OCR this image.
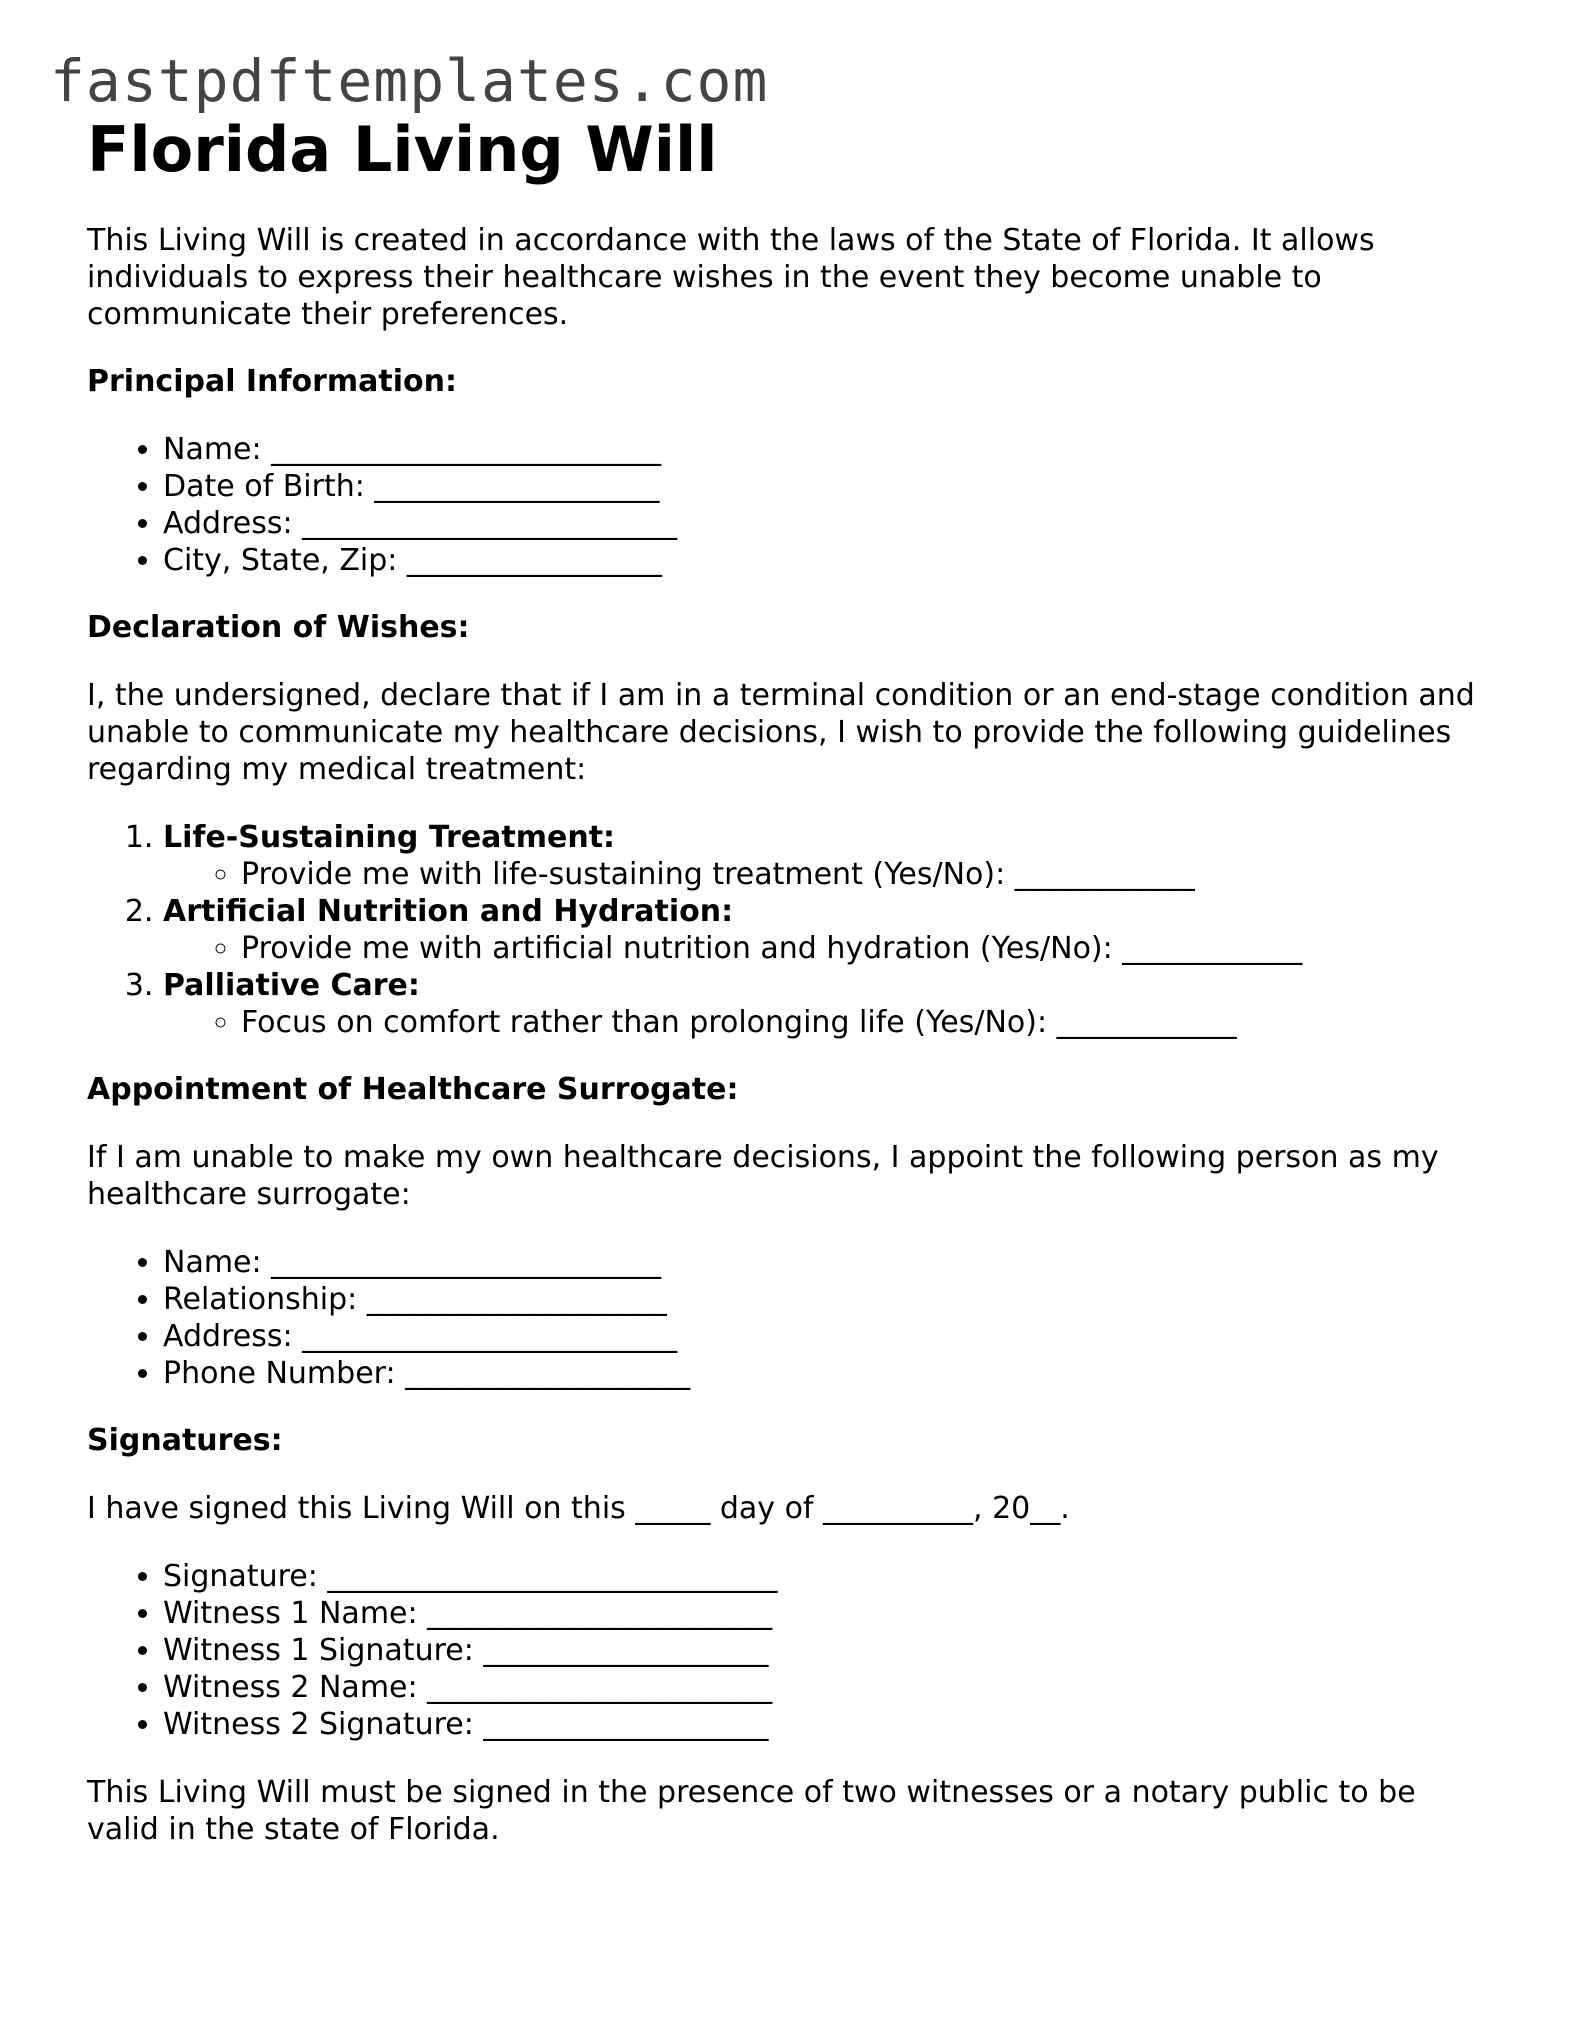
fastpdftemplates.com
Florida Living Will

This Living Will is created in accordance with the laws of the State of Florida. It allows individuals to express their healthcare wishes in the event they become unable to communicate their preferences.

Principal Information:

• Name: __________________________
• Date of Birth: ___________________
• Address: _________________________
• City, State, Zip: _________________

Declaration of Wishes:

I, the undersigned, declare that if I am in a terminal condition or an end-stage condition and unable to communicate my healthcare decisions, I wish to provide the following guidelines regarding my medical treatment:

1. Life-Sustaining Treatment:
◦ Provide me with life-sustaining treatment (Yes/No): ____________
2. Artificial Nutrition and Hydration:
◦ Provide me with artificial nutrition and hydration (Yes/No): ____________
3. Palliative Care:
◦ Focus on comfort rather than prolonging life (Yes/No): ____________

Appointment of Healthcare Surrogate:

If I am unable to make my own healthcare decisions, I appoint the following person as my healthcare surrogate:

• Name: __________________________
• Relationship: ____________________
• Address: _________________________
• Phone Number: ___________________

Signatures:

I have signed this Living Will on this _____ day of __________, 20__.

• Signature: ______________________________
• Witness 1 Name: _______________________
• Witness 1 Signature: ___________________
• Witness 2 Name: _______________________
• Witness 2 Signature: ___________________

This Living Will must be signed in the presence of two witnesses or a notary public to be valid in the state of Florida.
